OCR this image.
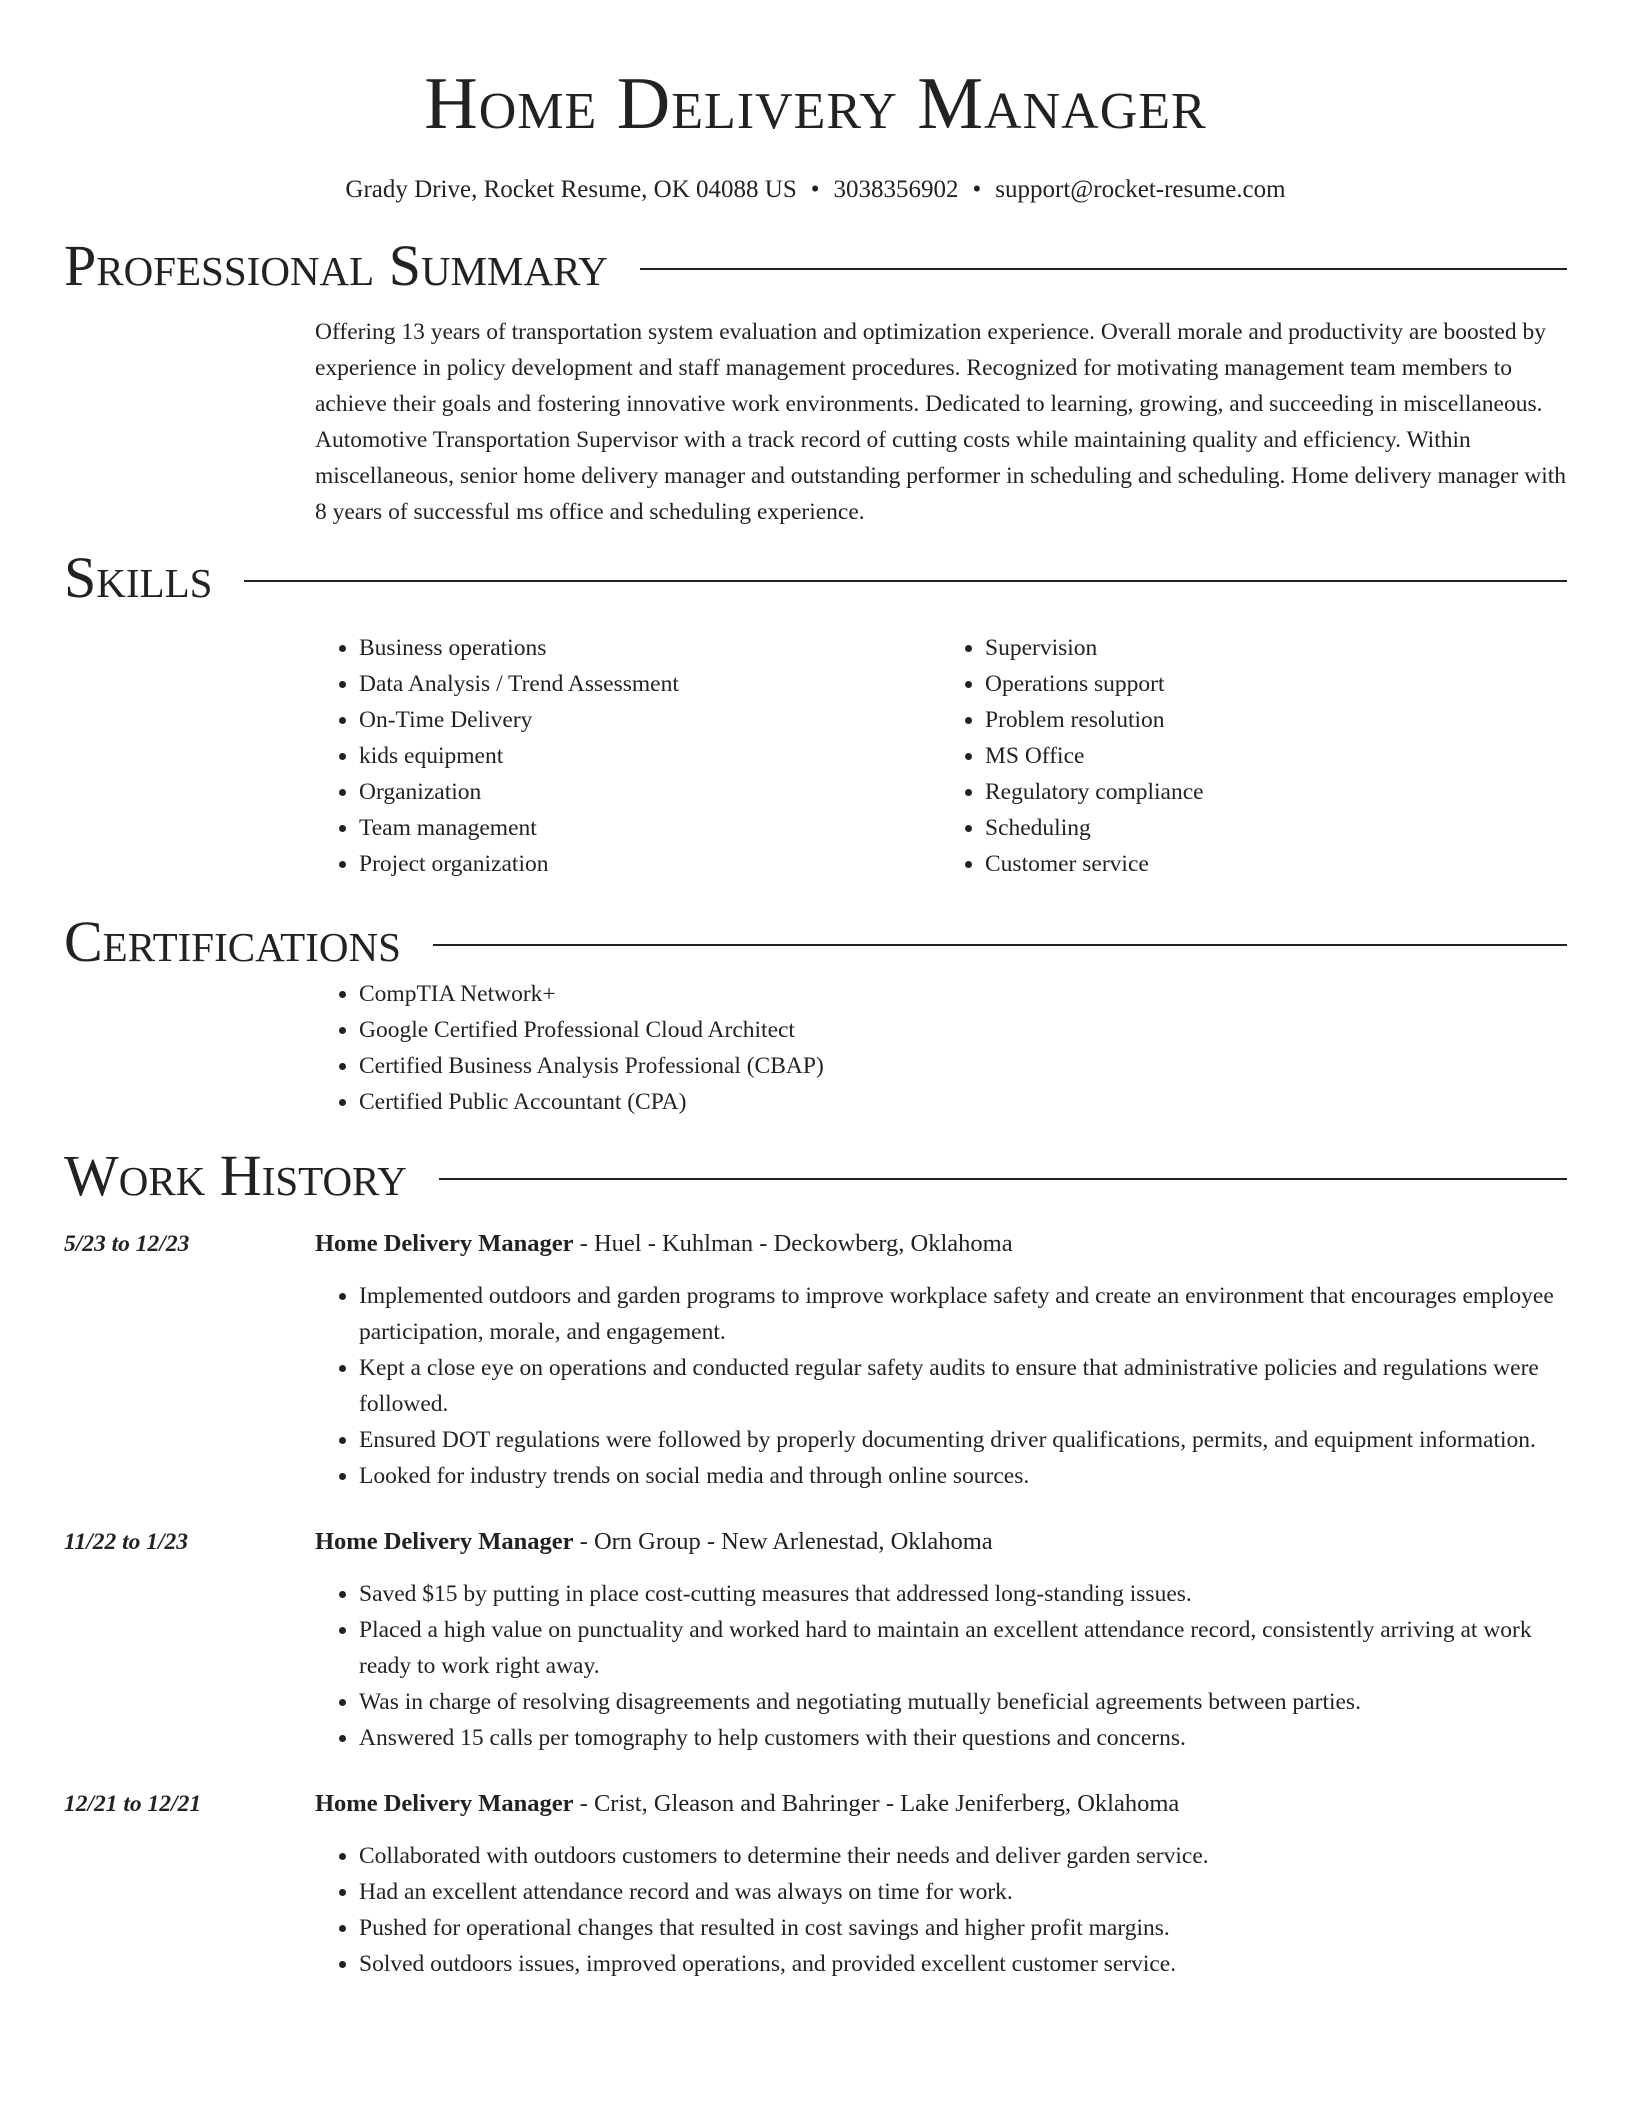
Home Delivery Manager
Grady Drive, Rocket Resume, OK 04088 US • 3038356902 • support@rocket-resume.com
Professional Summary

Offering 13 years of transportation system evaluation and optimization experience. Overall morale and productivity are boosted by experience in policy development and staff management procedures. Recognized for motivating management team members to achieve their goals and fostering innovative work environments. Dedicated to learning, growing, and succeeding in miscellaneous. Automotive Transportation Supervisor with a track record of cutting costs while maintaining quality and efficiency. Within miscellaneous, senior home delivery manager and outstanding performer in scheduling and scheduling. Home delivery manager with 8 years of successful ms office and scheduling experience.

Skills
• Business operations
• Data Analysis / Trend Assessment
• On-Time Delivery
• kids equipment
• Organization
• Team management
• Project organization
• Supervision
• Operations support
• Problem resolution
• MS Office
• Regulatory compliance
• Scheduling
• Customer service
Certifications
• CompTIA Network+
• Google Certified Professional Cloud Architect
• Certified Business Analysis Professional (CBAP)
• Certified Public Accountant (CPA)
Work History
5/23 to 12/23	Home Delivery Manager - Huel - Kuhlman - Deckowberg, Oklahoma
• Implemented outdoors and garden programs to improve workplace safety and create an environment that encourages employee participation, morale, and engagement.
• Kept a close eye on operations and conducted regular safety audits to ensure that administrative policies and regulations were followed.
• Ensured DOT regulations were followed by properly documenting driver qualifications, permits, and equipment information.
• Looked for industry trends on social media and through online sources.
11/22 to 1/23	Home Delivery Manager - Orn Group - New Arlenestad, Oklahoma
• Saved $15 by putting in place cost-cutting measures that addressed long-standing issues.
• Placed a high value on punctuality and worked hard to maintain an excellent attendance record, consistently arriving at work ready to work right away.
• Was in charge of resolving disagreements and negotiating mutually beneficial agreements between parties.
• Answered 15 calls per tomography to help customers with their questions and concerns.
12/21 to 12/21	Home Delivery Manager - Crist, Gleason and Bahringer - Lake Jeniferberg, Oklahoma
• Collaborated with outdoors customers to determine their needs and deliver garden service.
• Had an excellent attendance record and was always on time for work.
• Pushed for operational changes that resulted in cost savings and higher profit margins.
• Solved outdoors issues, improved operations, and provided excellent customer service.
